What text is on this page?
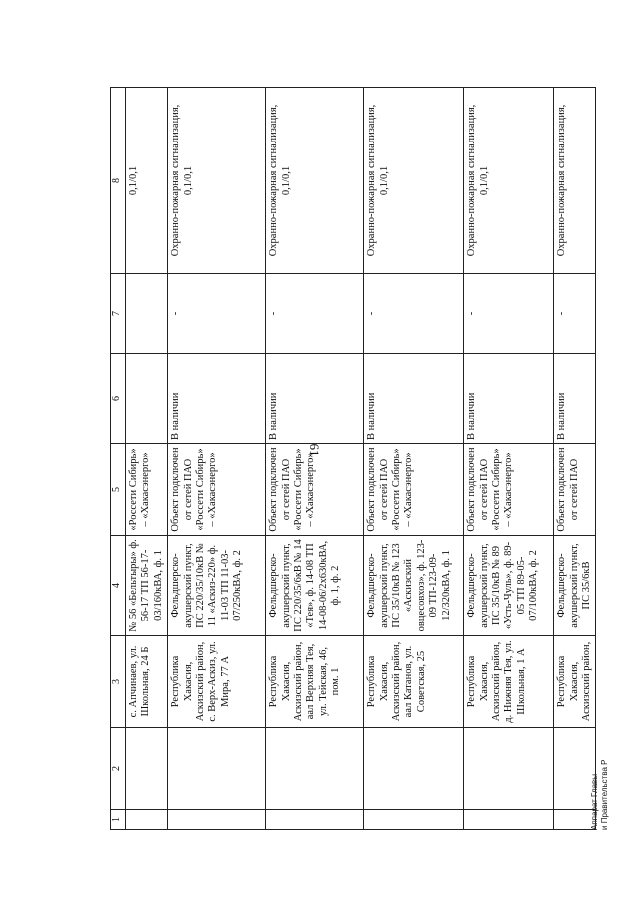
61
Аппарат Главы и Правительства Р
1	2	3	4	5	6	7	8
		с. Апчинаев, ул. Школьная, 24 Б	№ 56 «Бельтыры» ф. 56-17 ТП 56-17-03/160кВА, ф. 1	«Россети Сибирь» – «Хакасэнерго»			0,1/0,1
		Республика Хакасия, Аскизский район, с. Верх-Аскиз, ул. Мира, 77 А	Фельдшерско-акушерский пункт, ПС 220/35/10кВ № 11 «Аскиз-220» ф. 11-03 ТП 11-03-07/250кВА, ф. 2	Объект подключен от сетей ПАО «Россети Сибирь» – «Хакасэнерго»	В наличии	-	Охранно-пожарная сигнализация, 0,1/0,1
		Республика Хакасия, Аскизский район, аал Верхняя Тея, ул. Тейская, 46, пом. 1	Фельдшерско-акушерский пункт, ПС 220/35/6кВ № 14 «Тея», ф. 14-08 ТП 14-08-06/2х630кВА, ф. 1, ф. 2	Объект подключен от сетей ПАО «Россети Сибирь» – «Хакасэнерго»	В наличии	-	Охранно-пожарная сигнализация, 0,1/0,1
		Республика Хакасия, Аскизский район, аал Катанов, ул. Советская, 25	Фельдшерско-акушерский пункт, ПС 35/10кВ № 123 «Аскизский овцесовхоз», ф. 123-09 ТП-123-09-12/320кВА, ф. 1	Объект подключен от сетей ПАО «Россети Сибирь» – «Хакасэнерго»	В наличии	-	Охранно-пожарная сигнализация, 0,1/0,1
		Республика Хакасия, Аскизский район, д. Нижняя Тея, ул. Школьная, 1 А	Фельдшерско-акушерский пункт, ПС 35/10кВ № 89 «Усть-Чуль», ф. 89-05 ТП 89-05-07/100кВА, ф. 2	Объект подключен от сетей ПАО «Россети Сибирь» – «Хакасэнерго»	В наличии	-	Охранно-пожарная сигнализация, 0,1/0,1
		Республика Хакасия, Аскизский район,	Фельдшерско-акушерский пункт, ПС 35/6кВ	Объект подключен от сетей ПАО	В наличии	-	Охранно-пожарная сигнализация,
